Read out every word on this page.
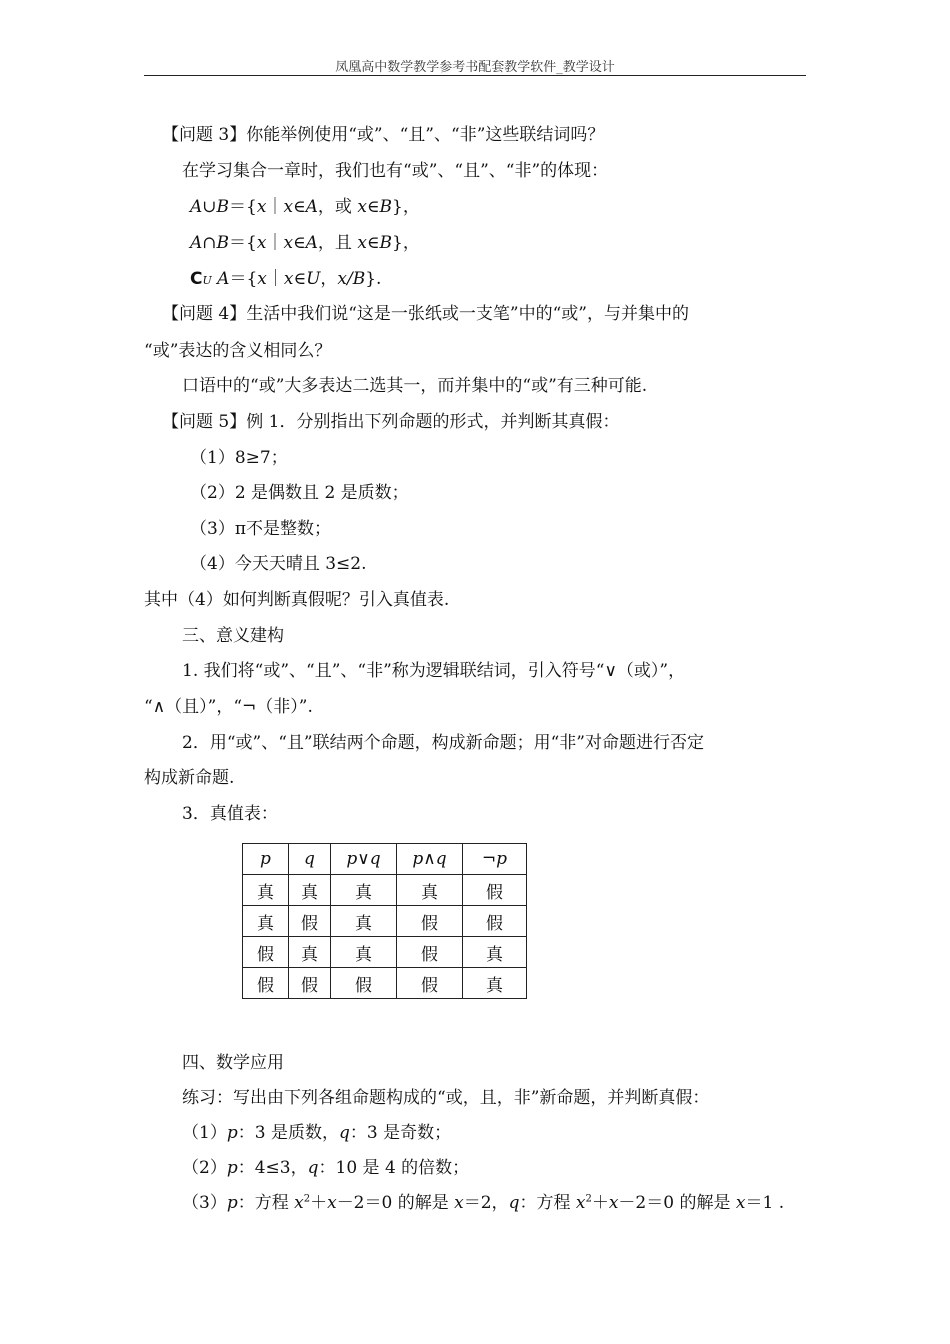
凤凰高中数学教学参考书配套教学软件_教学设计
【问题 3】你能举例使用“或”、“且”、“非”这些联结词吗？
在学习集合一章时，我们也有“或”、“且”、“非”的体现：
A∪B＝{x｜x∈A，或 x∈B}，
A∩B＝{x｜x∈A，且 x∈B}，
CU A＝{x｜x∈U，x/B}.
【问题 4】生活中我们说“这是一张纸或一支笔”中的“或”，与并集中的
“或”表达的含义相同么？
口语中的“或”大多表达二选其一，而并集中的“或”有三种可能.
【问题 5】例 1．分别指出下列命题的形式，并判断其真假：
（1）8≥7；
（2）2 是偶数且 2 是质数；
（3）π不是整数；
（4）今天天晴且 3≤2.
其中（4）如何判断真假呢？引入真值表.
三、意义建构
1. 我们将“或”、“且”、“非”称为逻辑联结词，引入符号“∨（或）”，
“∧（且）”，“¬（非）”.
2．用“或”、“且”联结两个命题，构成新命题；用“非”对命题进行否定
构成新命题.
3．真值表：
p	q	p∨q	p∧q	¬p
真	真	真	真	假
真	假	真	假	假
假	真	真	假	真
假	假	假	假	真
四、数学应用
练习：写出由下列各组命题构成的“或，且，非”新命题，并判断真假：
（1）p：3 是质数，q：3 是奇数；
（2）p：4≤3，q：10 是 4 的倍数；
（3）p：方程 $x^2+x-2=0$ 的解是 x＝2，q：方程 $x^2+x-2=0$ 的解是 x＝1 .
